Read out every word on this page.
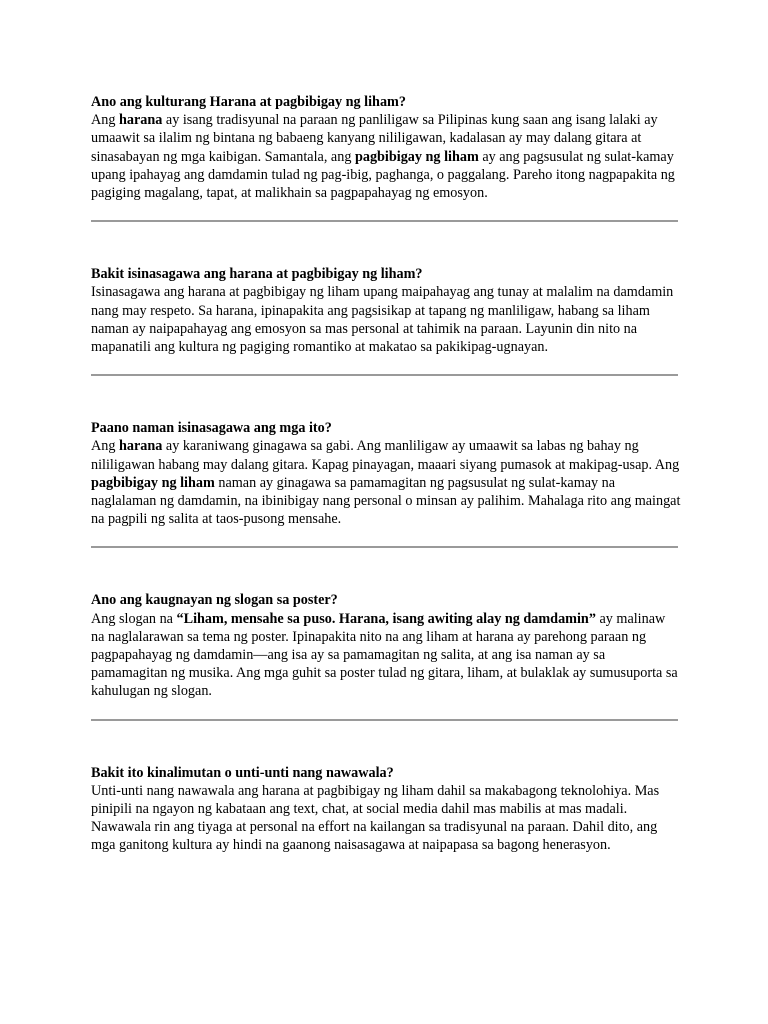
Ano ang kulturang Harana at pagbibigay ng liham?

Ang harana ay isang tradisyunal na paraan ng panliligaw sa Pilipinas kung saan ang isang lalaki ay umaawit sa ilalim ng bintana ng babaeng kanyang nililigawan, kadalasan ay may dalang gitara at sinasabayan ng mga kaibigan. Samantala, ang pagbibigay ng liham ay ang pagsusulat ng sulat-kamay upang ipahayag ang damdamin tulad ng pag-ibig, paghanga, o paggalang. Pareho itong nagpapakita ng pagiging magalang, tapat, at malikhain sa pagpapahayag ng emosyon.

Bakit isinasagawa ang harana at pagbibigay ng liham?

Isinasagawa ang harana at pagbibigay ng liham upang maipahayag ang tunay at malalim na damdamin nang may respeto. Sa harana, ipinapakita ang pagsisikap at tapang ng manliligaw, habang sa liham naman ay naipapahayag ang emosyon sa mas personal at tahimik na paraan. Layunin din nito na mapanatili ang kultura ng pagiging romantiko at makatao sa pakikipag-ugnayan.

Paano naman isinasagawa ang mga ito?

Ang harana ay karaniwang ginagawa sa gabi. Ang manliligaw ay umaawit sa labas ng bahay ng nililigawan habang may dalang gitara. Kapag pinayagan, maaari siyang pumasok at makipag-usap. Ang pagbibigay ng liham naman ay ginagawa sa pamamagitan ng pagsusulat ng sulat-kamay na naglalaman ng damdamin, na ibinibigay nang personal o minsan ay palihim. Mahalaga rito ang maingat na pagpili ng salita at taos-pusong mensahe.

Ano ang kaugnayan ng slogan sa poster?

Ang slogan na “Liham, mensahe sa puso. Harana, isang awiting alay ng damdamin” ay malinaw na naglalarawan sa tema ng poster. Ipinapakita nito na ang liham at harana ay parehong paraan ng pagpapahayag ng damdamin—ang isa ay sa pamamagitan ng salita, at ang isa naman ay sa pamamagitan ng musika. Ang mga guhit sa poster tulad ng gitara, liham, at bulaklak ay sumusuporta sa kahulugan ng slogan.

Bakit ito kinalimutan o unti-unti nang nawawala?

Unti-unti nang nawawala ang harana at pagbibigay ng liham dahil sa makabagong teknolohiya. Mas pinipili na ngayon ng kabataan ang text, chat, at social media dahil mas mabilis at mas madali. Nawawala rin ang tiyaga at personal na effort na kailangan sa tradisyunal na paraan. Dahil dito, ang mga ganitong kultura ay hindi na gaanong naisasagawa at naipapasa sa bagong henerasyon.
